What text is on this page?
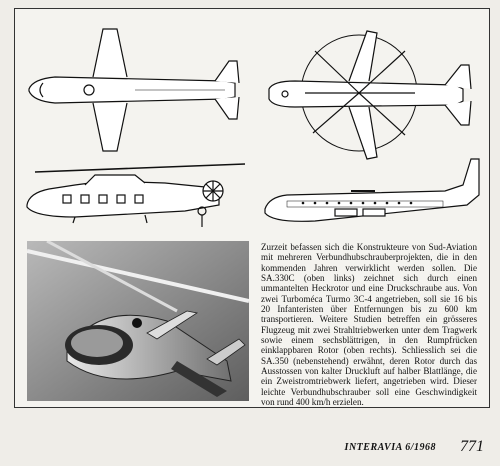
Zurzeit befassen sich die Konstrukteure von Sud-Aviation mit mehreren Verbundhubschrauberprojekten, die in den kommenden Jahren verwirklicht werden sollen. Die SA.330C (oben links) zeichnet sich durch einen ummantelten Heckrotor und eine Druckschraube aus. Von zwei Turboméca Turmo 3C-4 angetrieben, soll sie 16 bis 20 Infanteristen über Entfernungen bis zu 600 km transportieren. Weitere Studien betreffen ein grösseres Flugzeug mit zwei Strahltriebwerken unter dem Tragwerk sowie einem sechsblättrigen, in den Rumpfrücken einklappbaren Rotor (oben rechts). Schliesslich sei die SA.350 (nebenstehend) erwähnt, deren Rotor durch das Ausstossen von kalter Druckluft auf halber Blattlänge, die ein Zweistromtriebwerk liefert, angetrieben wird. Dieser leichte Verbundhubschrauber soll eine Geschwindigkeit von rund 400 km/h erzielen.

INTERAVIA 6/1968 771
